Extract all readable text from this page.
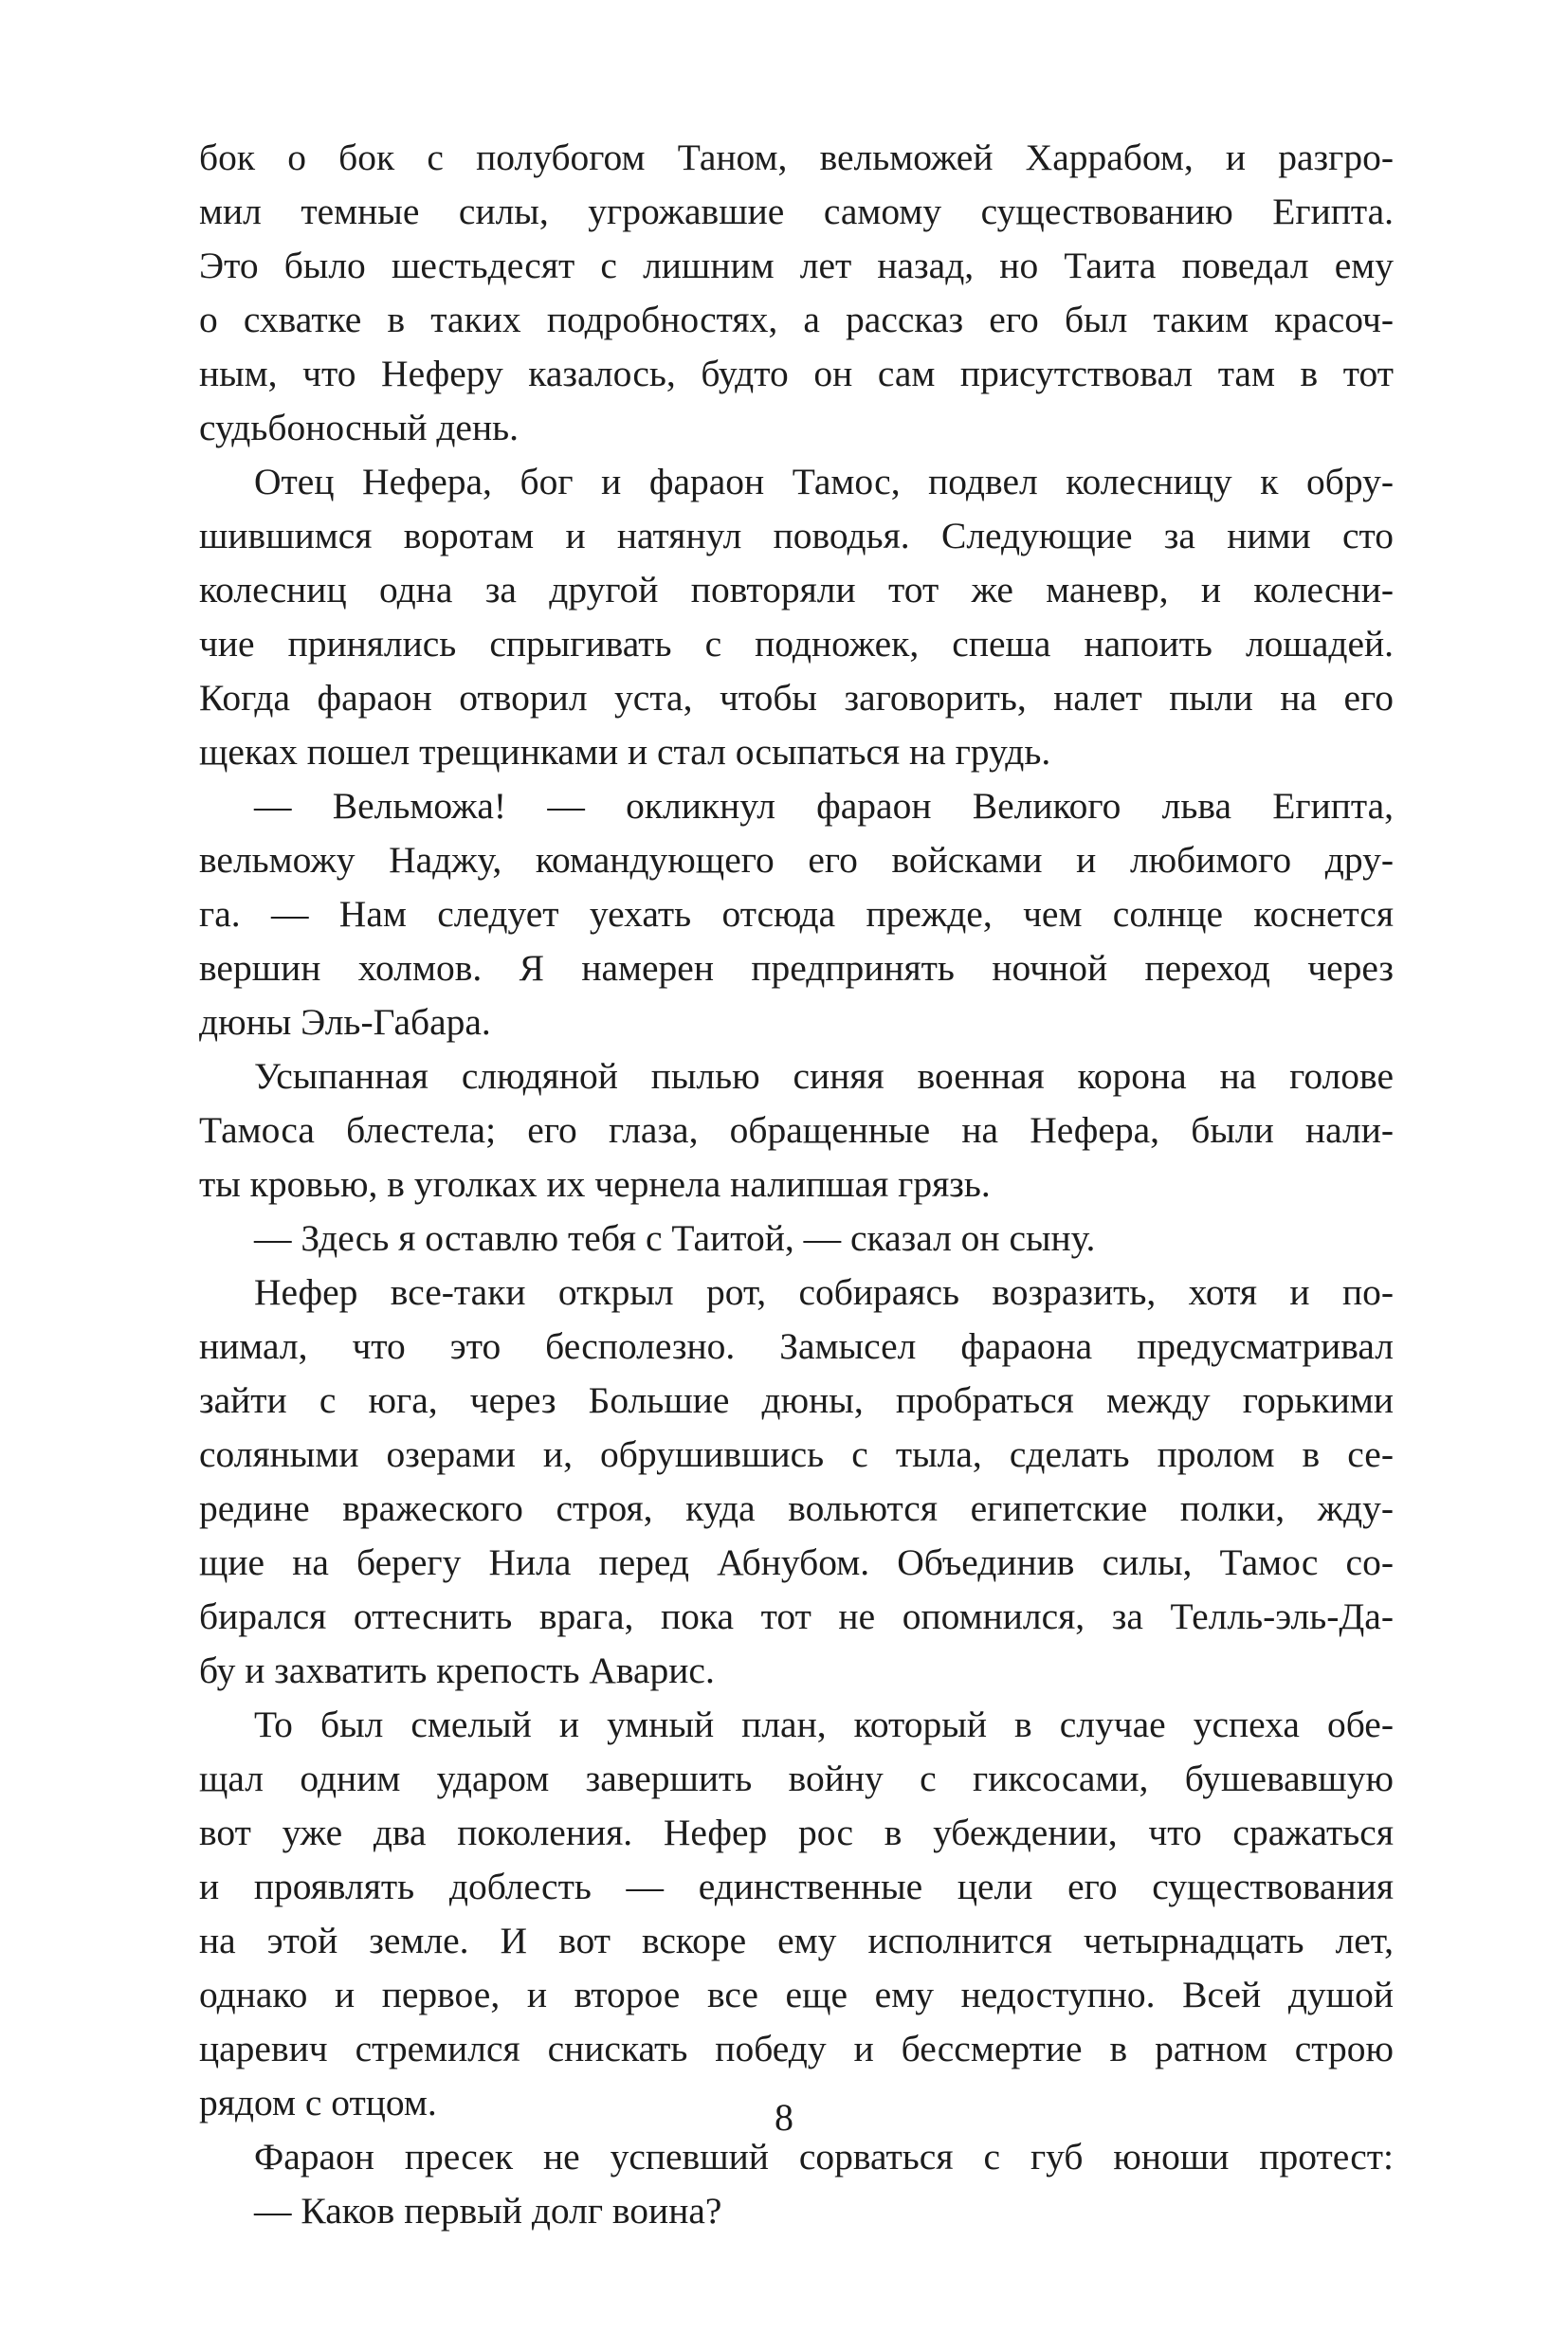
бок о бок с полубогом Таном, вельможей Харрабом, и разгро-
мил темные силы, угрожавшие самому существованию Египта.
Это было шестьдесят с лишним лет назад, но Таита поведал ему
о схватке в таких подробностях, а рассказ его был таким красоч-
ным, что Неферу казалось, будто он сам присутствовал там в тот
судьбоносный день.
Отец Нефера, бог и фараон Тамос, подвел колесницу к обру-
шившимся воротам и натянул поводья. Следующие за ними сто
колесниц одна за другой повторяли тот же маневр, и колесни-
чие принялись спрыгивать с подножек, спеша напоить лошадей.
Когда фараон отворил уста, чтобы заговорить, налет пыли на его
щеках пошел трещинками и стал осыпаться на грудь.
— Вельможа! — окликнул фараон Великого льва Египта,
вельможу Наджу, командующего его войсками и любимого дру-
га. — Нам следует уехать отсюда прежде, чем солнце коснется
вершин холмов. Я намерен предпринять ночной переход через
дюны Эль-Габара.
Усыпанная слюдяной пылью синяя военная корона на голове
Тамоса блестела; его глаза, обращенные на Нефера, были нали-
ты кровью, в уголках их чернела налипшая грязь.
— Здесь я оставлю тебя с Таитой, — сказал он сыну.
Нефер все-таки открыл рот, собираясь возразить, хотя и по-
нимал, что это бесполезно. Замысел фараона предусматривал
зайти с юга, через Большие дюны, пробраться между горькими
соляными озерами и, обрушившись с тыла, сделать пролом в се-
редине вражеского строя, куда вольются египетские полки, жду-
щие на берегу Нила перед Абнубом. Объединив силы, Тамос со-
бирался оттеснить врага, пока тот не опомнился, за Телль-эль-Да-
бу и захватить крепость Аварис.
То был смелый и умный план, который в случае успеха обе-
щал одним ударом завершить войну с гиксосами, бушевавшую
вот уже два поколения. Нефер рос в убеждении, что сражаться
и проявлять доблесть — единственные цели его существования
на этой земле. И вот вскоре ему исполнится четырнадцать лет,
однако и первое, и второе все еще ему недоступно. Всей душой
царевич стремился снискать победу и бессмертие в ратном строю
рядом с отцом.
Фараон пресек не успевший сорваться с губ юноши протест:
— Каков первый долг воина?
8
